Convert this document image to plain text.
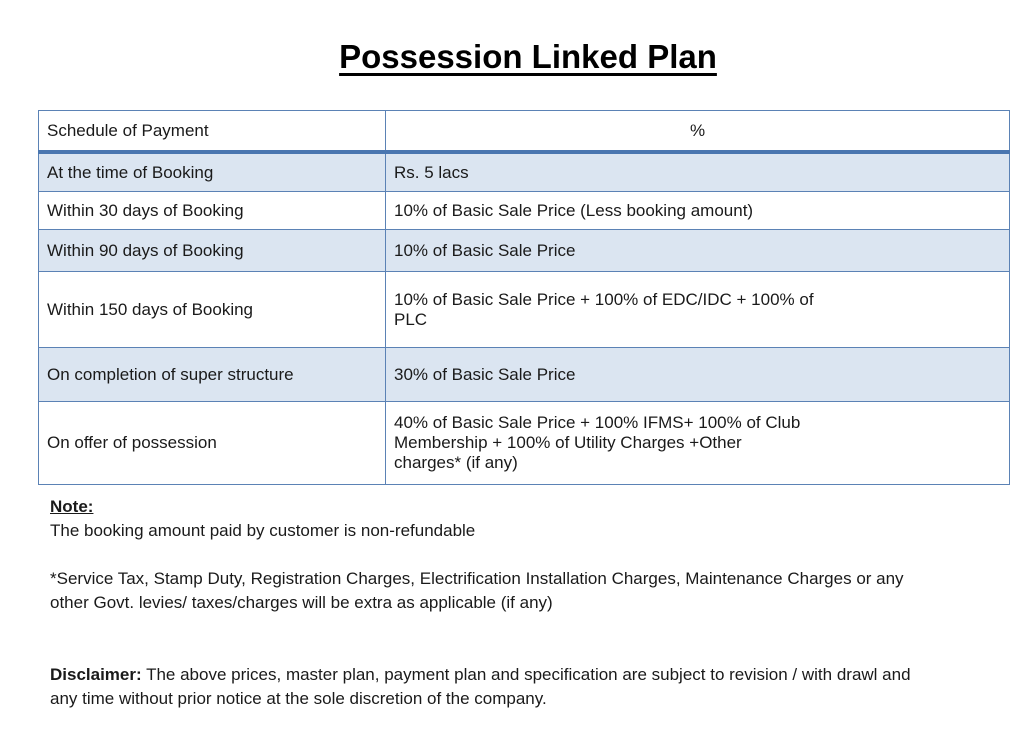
Possession Linked Plan
Schedule of Payment	%
At the time of Booking	Rs. 5 lacs
Within 30 days of Booking	10% of Basic Sale Price (Less booking amount)
Within 90 days of Booking	10% of Basic Sale Price
Within 150 days of Booking	10% of Basic Sale Price + 100% of EDC/IDC + 100% of
PLC

On completion of super structure	30% of Basic Sale Price
On offer of possession	40% of Basic Sale Price + 100% IFMS+ 100% of Club
Membership + 100% of Utility Charges +Other
charges* (if any)

Note:

The booking amount paid by customer is non-refundable

*Service Tax, Stamp Duty, Registration Charges, Electrification Installation Charges, Maintenance Charges or any

other Govt. levies/ taxes/charges will be extra as applicable (if any)

Disclaimer: The above prices, master plan, payment plan and specification are subject to revision / with drawl and

any time without prior notice at the sole discretion of the company.
